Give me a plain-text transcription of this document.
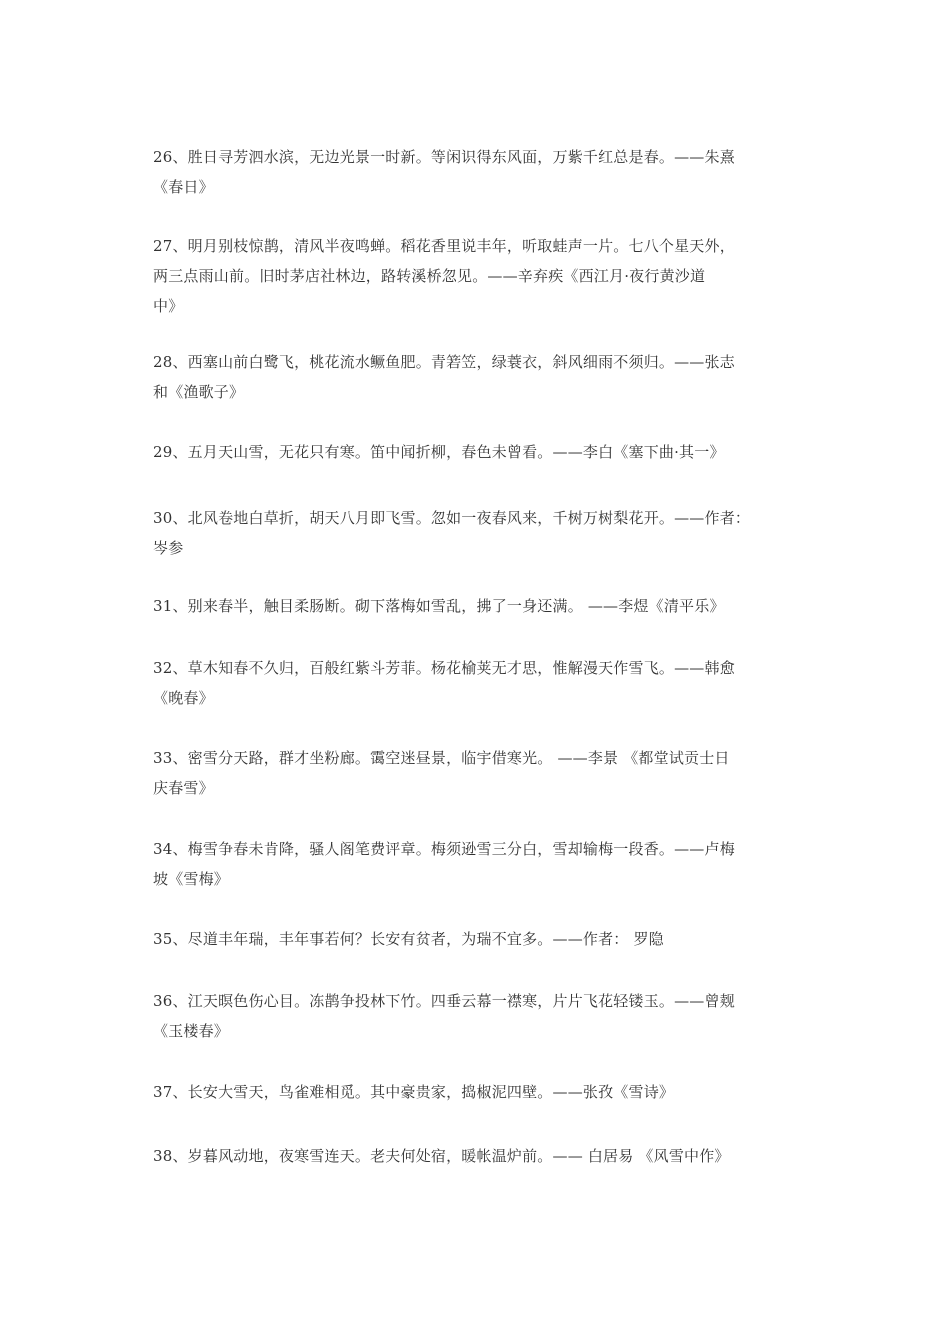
26、胜日寻芳泗水滨，无边光景一时新。等闲识得东风面，万紫千红总是春。——朱熹
《春日》
27、明月别枝惊鹊，清风半夜鸣蝉。稻花香里说丰年，听取蛙声一片。七八个星天外，
两三点雨山前。旧时茅店社林边，路转溪桥忽见。——辛弃疾《西江月·夜行黄沙道
中》
28、西塞山前白鹭飞，桃花流水鳜鱼肥。青箬笠，绿蓑衣，斜风细雨不须归。——张志
和《渔歌子》
29、五月天山雪，无花只有寒。笛中闻折柳，春色未曾看。——李白《塞下曲·其一》
30、北风卷地白草折，胡天八月即飞雪。忽如一夜春风来，千树万树梨花开。——作者：
岑参
31、别来春半，触目柔肠断。砌下落梅如雪乱，拂了一身还满。 ——李煜《清平乐》
32、草木知春不久归，百般红紫斗芳菲。杨花榆荚无才思，惟解漫天作雪飞。——韩愈
《晚春》
33、密雪分天路，群才坐粉廊。霭空迷昼景，临宇借寒光。 ——李景 《都堂试贡士日
庆春雪》
34、梅雪争春未肯降，骚人阁笔费评章。梅须逊雪三分白，雪却输梅一段香。——卢梅
坡《雪梅》
35、尽道丰年瑞，丰年事若何？长安有贫者，为瑞不宜多。——作者： 罗隐
36、江天暝色伤心目。冻鹊争投林下竹。四垂云幕一襟寒，片片飞花轻镂玉。——曾觌
《玉楼春》
37、长安大雪天，鸟雀难相觅。其中豪贵家，捣椒泥四壁。——张孜《雪诗》
38、岁暮风动地，夜寒雪连天。老夫何处宿，暖帐温炉前。—— 白居易 《风雪中作》
